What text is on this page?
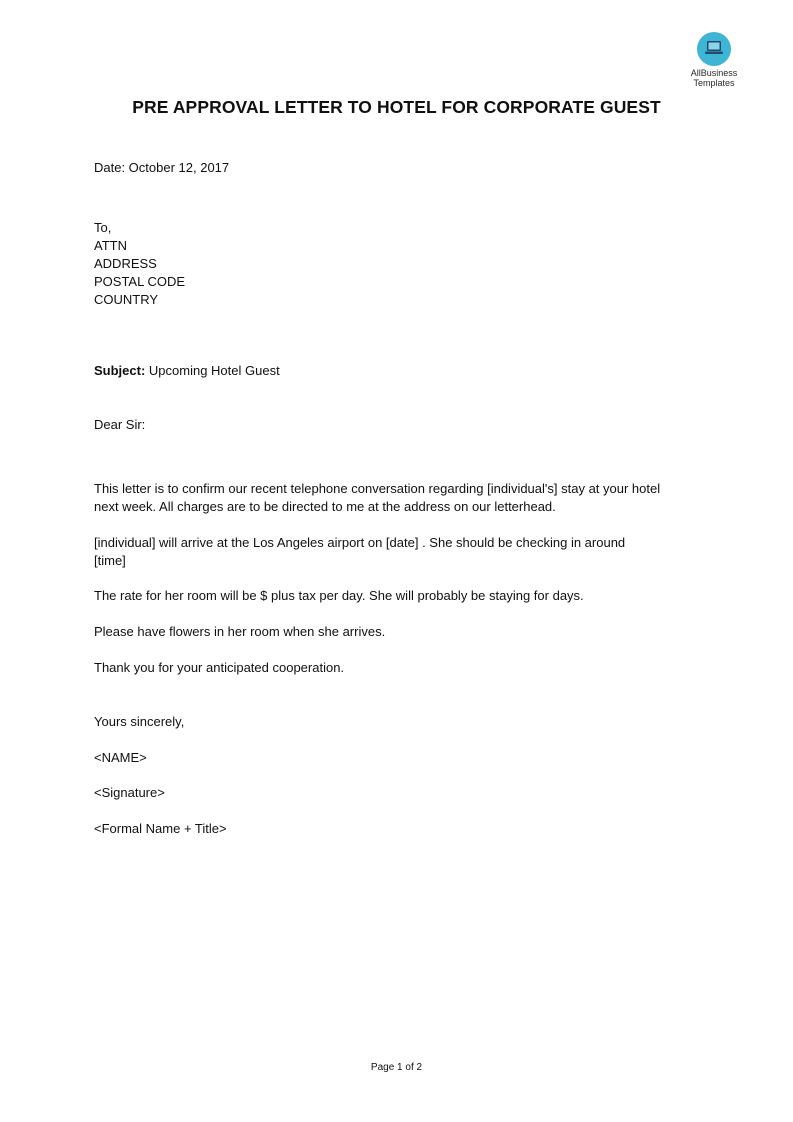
AllBusiness
Templates
PRE APPROVAL LETTER TO HOTEL FOR CORPORATE GUEST
Date: October 12, 2017
To,
ATTN
ADDRESS
POSTAL CODE
COUNTRY
Subject: Upcoming Hotel Guest
Dear Sir:
This letter is to confirm our recent telephone conversation regarding [individual's] stay at your hotel
next week. All charges are to be directed to me at the address on our letterhead.
[individual] will arrive at the Los Angeles airport on [date] . She should be checking in around
[time]
The rate for her room will be $ plus tax per day. She will probably be staying for days.
Please have flowers in her room when she arrives.
Thank you for your anticipated cooperation.
Yours sincerely,
<NAME>
<Signature>
<Formal Name + Title>
Page 1 of 2
